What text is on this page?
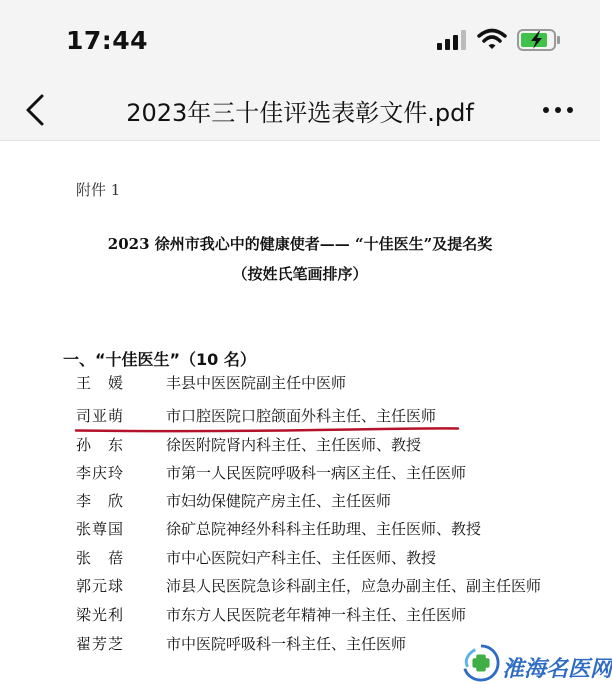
17:44
2023年三十佳评选表彰文件.pdf
附件 1
2023 徐州市我心中的健康使者—— “十佳医生”及提名奖
（按姓氏笔画排序）
一、“十佳医生”（10 名）
王　媛	丰县中医医院副主任中医师
司亚萌	市口腔医院口腔颌面外科主任、主任医师
孙　东	徐医附院肾内科主任、主任医师、教授
李庆玲	市第一人民医院呼吸科一病区主任、主任医师
李　欣	市妇幼保健院产房主任、主任医师
张尊国	徐矿总院神经外科科主任助理、主任医师、教授
张　蓓	市中心医院妇产科主任、主任医师、教授
郭元球	沛县人民医院急诊科副主任，应急办副主任、副主任医师
梁光利	市东方人民医院老年精神一科主任、主任医师
翟芳芝	市中医院呼吸科一科主任、主任医师
淮海名医网
